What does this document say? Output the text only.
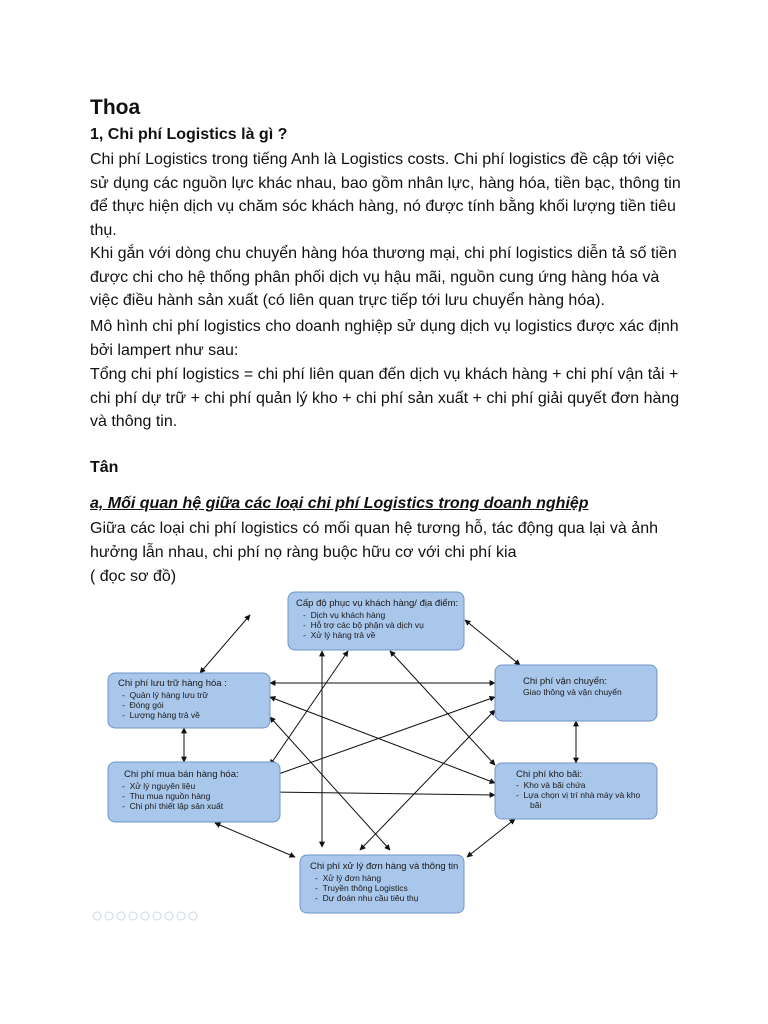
Thoa
1, Chi phí Logistics là gì ?
Chi phí Logistics trong tiếng Anh là Logistics costs. Chi phí logistics đề cập tới việc sử dụng các nguồn lực khác nhau, bao gồm nhân lực, hàng hóa, tiền bạc, thông tin để thực hiện dịch vụ chăm sóc khách hàng, nó được tính bằng khối lượng tiền tiêu thụ.
Khi gắn với dòng chu chuyển hàng hóa thương mại, chi phí logistics diễn tả số tiền được chi cho hệ thống phân phối dịch vụ hậu mãi, nguồn cung ứng hàng hóa và việc điều hành sản xuất (có liên quan trực tiếp tới lưu chuyển hàng hóa).
Mô hình chi phí logistics cho doanh nghiệp sử dụng dịch vụ logistics được xác định bởi lampert như sau:
Tổng chi phí logistics = chi phí liên quan đến dịch vụ khách hàng + chi phí vận tải + chi phí dự trữ + chi phí quản lý kho + chi phí sản xuất + chi phí giải quyết đơn hàng và thông tin.
Tân
a, Mối quan hệ giữa các loại chi phí Logistics trong doanh nghiệp
Giữa các loại chi phí logistics có mối quan hệ tương hỗ, tác động qua lại và ảnh hưởng lẫn nhau, chi phí nọ ràng buộc hữu cơ với chi phí kia
( đọc sơ đồ)
Cấp độ phục vụ khách hàng/ địa điểm:
-  Dịch vụ khách hàng
-  Hỗ trợ các bộ phận và dịch vụ
-  Xử lý hàng trả về
Chi phí lưu trữ hàng hóa :
-  Quản lý hàng lưu trữ
-  Đóng gói
-  Lượng hàng trả về
Chi phí vận chuyển:
Giao thông và vận chuyển
Chi phí mua bán hàng hóa:
-  Xử lý nguyên liệu
-  Thu mua nguồn hàng
-  Chi phí thiết lập sản xuất
Chi phí kho bãi:
-  Kho và bãi chứa
-  Lựa chọn vị trí nhà máy và kho
bãi
Chi phí xử lý đơn hàng và thông tin
-  Xử lý đơn hàng
-  Truyền thông Logistics
-  Dự đoán nhu cầu tiêu thụ
